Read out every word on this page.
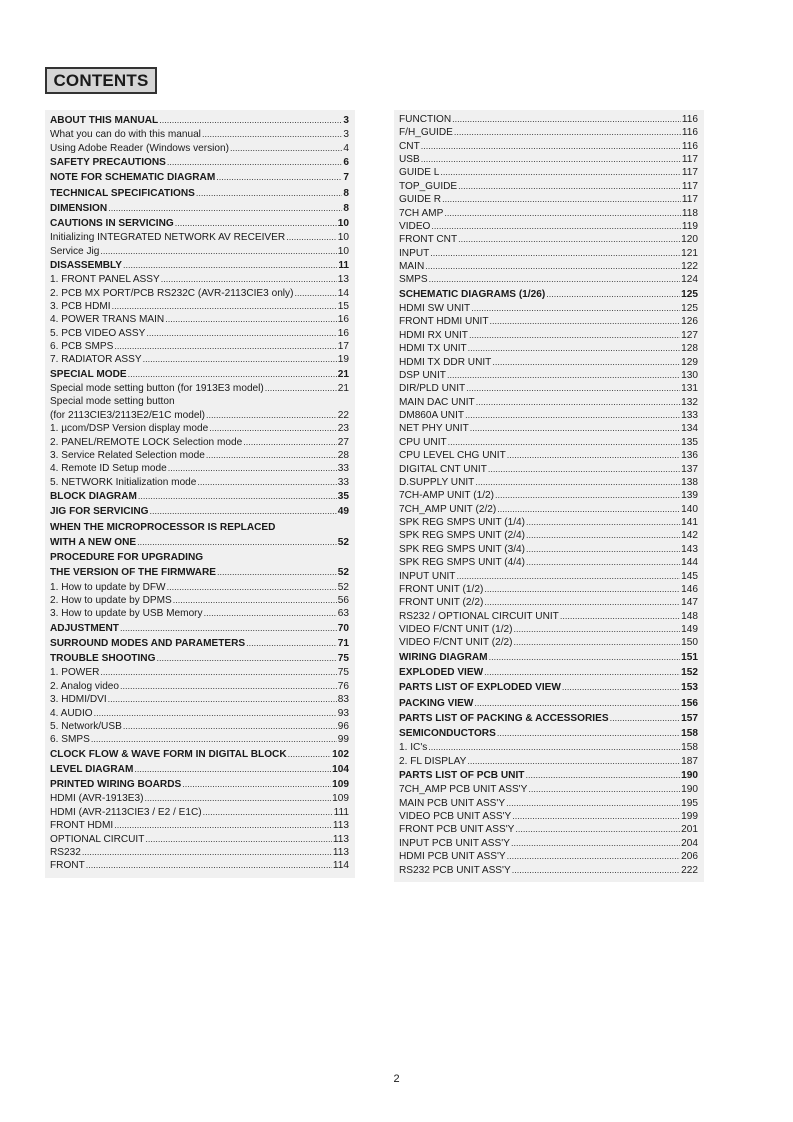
CONTENTS
ABOUT THIS MANUAL .....	3
What you can do with this manual .....	3
Using Adobe Reader (Windows version) .....	4
SAFETY PRECAUTIONS .....	6
NOTE FOR SCHEMATIC DIAGRAM .....	7
TECHNICAL SPECIFICATIONS .....	8
DIMENSION .....	8
CAUTIONS IN SERVICING .....	10
Initializing INTEGRATED NETWORK AV RECEIVER .....	10
Service Jig .....	10
DISASSEMBLY .....	11
1. FRONT PANEL ASSY .....	13
2. PCB MX PORT/PCB RS232C (AVR-2113CIE3 only) .....	14
3. PCB HDMI .....	15
4. POWER TRANS MAIN .....	16
5. PCB VIDEO ASSY .....	16
6. PCB SMPS .....	17
7. RADIATOR ASSY .....	19
SPECIAL MODE .....	21
Special mode setting button (for 1913E3 model) .....	21
Special mode setting button
(for 2113CIE3/2113E2/E1C model) .....	22
1. µcom/DSP Version display mode .....	23
2. PANEL/REMOTE LOCK Selection mode .....	27
3. Service Related Selection mode .....	28
4. Remote ID Setup mode .....	33
5. NETWORK Initialization mode .....	33
BLOCK DIAGRAM .....	35
JIG FOR SERVICING .....	49
WHEN THE MICROPROCESSOR IS REPLACED
WITH A NEW ONE .....	52
PROCEDURE FOR UPGRADING
THE VERSION OF THE FIRMWARE .....	52
1. How to update by DFW .....	52
2. How to update by DPMS .....	56
3. How to update by USB Memory .....	63
ADJUSTMENT .....	70
SURROUND MODES AND PARAMETERS .....	71
TROUBLE SHOOTING .....	75
1. POWER .....	75
2. Analog video .....	76
3. HDMI/DVI .....	83
4. AUDIO .....	93
5. Network/USB .....	96
6. SMPS .....	99
CLOCK FLOW & WAVE FORM IN DIGITAL BLOCK .....	102
LEVEL DIAGRAM .....	104
PRINTED WIRING BOARDS .....	109
HDMI (AVR-1913E3) .....	109
HDMI (AVR-2113CIE3 / E2 / E1C) .....	111
FRONT HDMI .....	113
OPTIONAL CIRCUIT .....	113
RS232 .....	113
FRONT .....	114
FUNCTION .....	116
F/H_GUIDE .....	116
CNT .....	116
USB .....	117
GUIDE L .....	117
TOP_GUIDE .....	117
GUIDE R .....	117
7CH AMP .....	118
VIDEO .....	119
FRONT CNT .....	120
INPUT .....	121
MAIN .....	122
SMPS .....	124
SCHEMATIC DIAGRAMS (1/26) .....	125
HDMI SW UNIT .....	125
FRONT HDMI UNIT .....	126
HDMI RX UNIT .....	127
HDMI TX UNIT .....	128
HDMI TX DDR UNIT .....	129
DSP UNIT .....	130
DIR/PLD UNIT .....	131
MAIN DAC UNIT .....	132
DM860A UNIT .....	133
NET PHY UNIT .....	134
CPU UNIT .....	135
CPU LEVEL CHG UNIT .....	136
DIGITAL CNT UNIT .....	137
D.SUPPLY UNIT .....	138
7CH-AMP UNIT (1/2) .....	139
7CH_AMP UNIT (2/2) .....	140
SPK REG SMPS UNIT (1/4) .....	141
SPK REG SMPS UNIT (2/4) .....	142
SPK REG SMPS UNIT (3/4) .....	143
SPK REG SMPS UNIT (4/4) .....	144
INPUT UNIT .....	145
FRONT UNIT (1/2) .....	146
FRONT UNIT (2/2) .....	147
RS232 / OPTIONAL CIRCUIT UNIT .....	148
VIDEO F/CNT UNIT (1/2) .....	149
VIDEO F/CNT UNIT (2/2) .....	150
WIRING DIAGRAM .....	151
EXPLODED VIEW .....	152
PARTS LIST OF EXPLODED VIEW .....	153
PACKING VIEW .....	156
PARTS LIST OF PACKING & ACCESSORIES .....	157
SEMICONDUCTORS .....	158
1. IC's .....	158
2. FL DISPLAY .....	187
PARTS LIST OF PCB UNIT .....	190
7CH_AMP PCB UNIT ASS'Y .....	190
MAIN PCB UNIT ASS'Y .....	195
VIDEO PCB UNIT ASS'Y .....	199
FRONT PCB UNIT ASS'Y .....	201
INPUT PCB UNIT ASS'Y .....	204
HDMI PCB UNIT ASS'Y .....	206
RS232 PCB UNIT ASS'Y .....	222
2
